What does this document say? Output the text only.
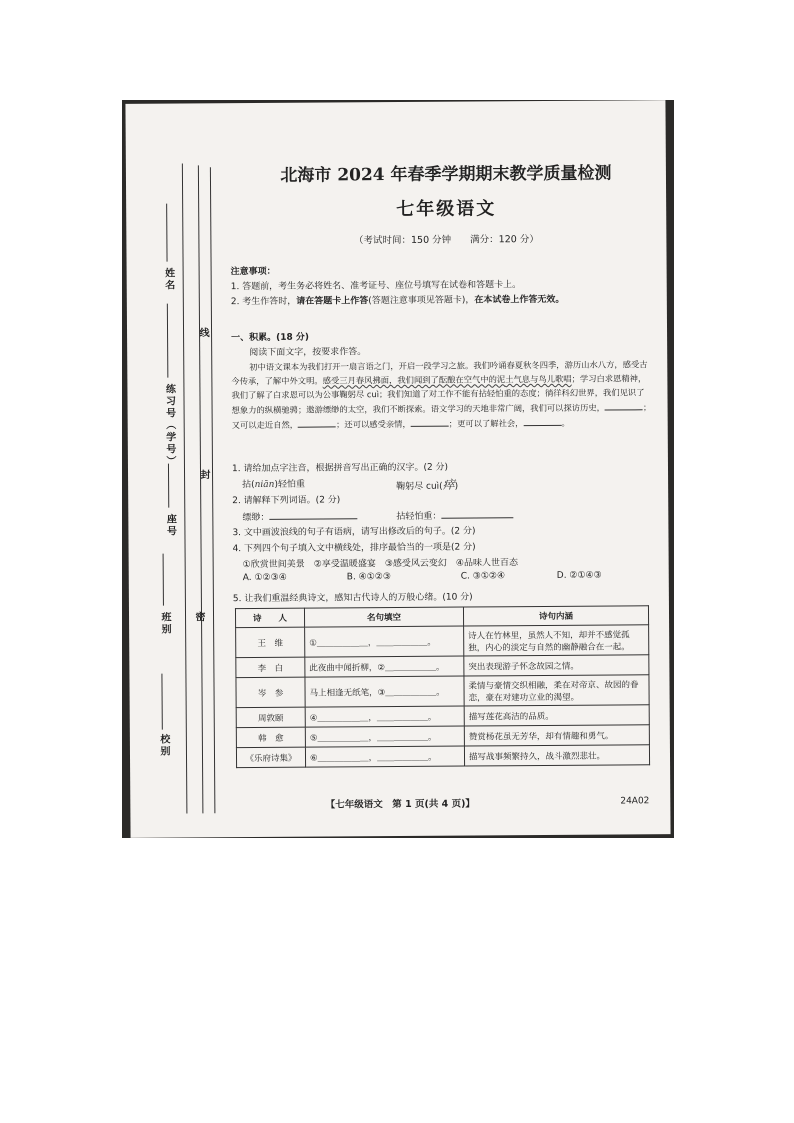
姓名
线
练习号（学号）
封
座号
班别 密
校别
北海市 2024 年春季学期期末教学质量检测
七年级语文
（考试时间：150 分钟　　满分：120 分）
注意事项：
1. 答题前，考生务必将姓名、准考证号、座位号填写在试卷和答题卡上。
2. 考生作答时，请在答题卡上作答(答题注意事项见答题卡)，在本试卷上作答无效。
一、积累。(18 分)
阅读下面文字，按要求作答。
初中语文课本为我们打开一扇言语之门，开启一段学习之旅。我们吟诵春夏秋冬四季，游历山水八方，感受古今传承，了解中外文明。感受三月春风拂面，我们闻到了酝酿在空气中的泥土气息与鸟儿歌唱；学习白求恩精神，我们了解了白求恩可以为公事鞠躬尽 cuì；我们知道了对工作不能有拈轻怕重的态度；徜徉科幻世界，我们见识了想象力的纵横驰骋；遨游缥缈的太空，我们不断探索。语文学习的天地非常广阔，我们可以探访历史，	；又可以走近自然，	；还可以感受亲情，	；更可以了解社会，	。
1. 请给加点字注音，根据拼音写出正确的汉字。(2 分)
拈(niān)轻怕重	鞠躬尽 cuì(瘁)
2. 请解释下列词语。(2 分)
缥缈：	拈轻怕重：
3. 文中画波浪线的句子有语病，请写出修改后的句子。(2 分)
4. 下列四个句子填入文中横线处，排序最恰当的一项是(2 分)
①欣赏世间美景　②享受温暖盛宴　③感受风云变幻　④品味人世百态
A. ①②③④	B. ④①②③	C. ③①②④	D. ②①④③
5. 让我们重温经典诗文，感知古代诗人的万般心绪。(10 分)
诗　　人	名句填空	诗句内涵
王　维	①＿＿＿＿＿＿，＿＿＿＿＿＿。	诗人在竹林里，虽然人不知，却并不感觉孤独，内心的淡定与自然的幽静融合在一起。
李　白	此夜曲中闻折柳，②＿＿＿＿＿＿。	突出表现游子怀念故园之情。
岑　参	马上相逢无纸笔，③＿＿＿＿＿＿。	柔情与豪情交织相融，柔在对帝京、故园的眷恋，豪在对建功立业的渴望。
周敦颐	④＿＿＿＿＿＿，＿＿＿＿＿＿。	描写莲花高洁的品质。
韩　愈	⑤＿＿＿＿＿＿，＿＿＿＿＿＿。	赞赏杨花虽无芳华，却有情趣和勇气。
《乐府诗集》	⑥＿＿＿＿＿＿，＿＿＿＿＿＿。	描写战事频繁持久，战斗激烈悲壮。
【七年级语文　第 1 页(共 4 页)】	24A02
